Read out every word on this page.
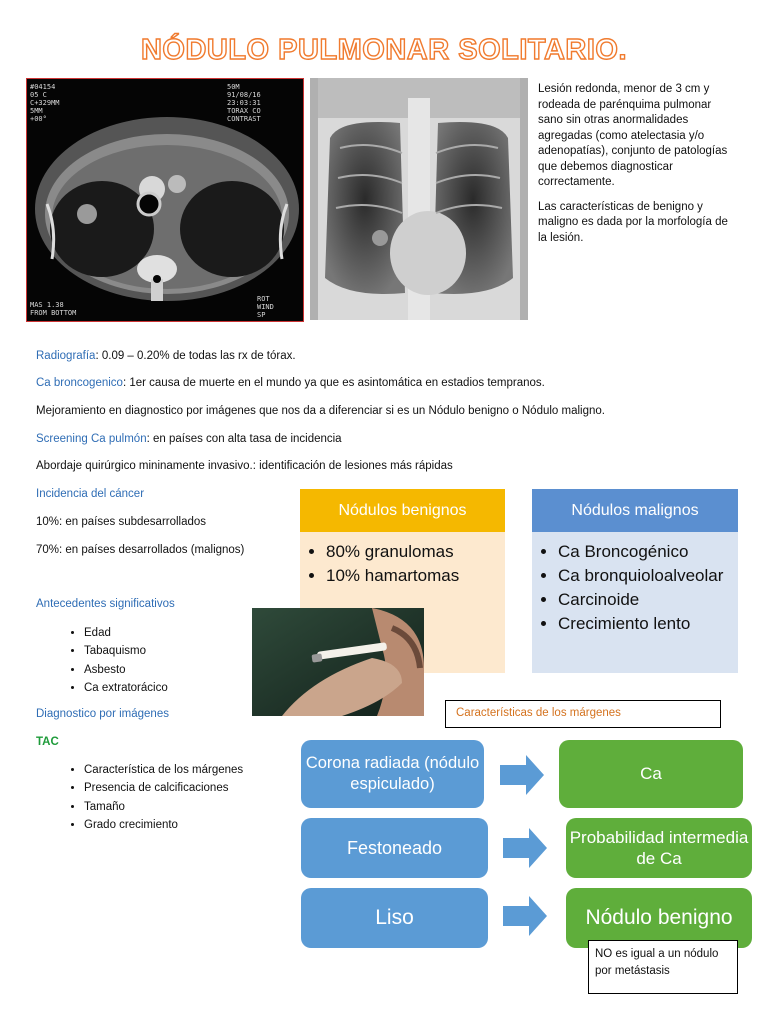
NÓDULO PULMONAR SOLITARIO.
#04154
05 C
C+329MM
5MM
+00°
50M
91/08/16
23:03:31
TORAX CO
CONTRAST
MAS 1.38
FROM BOTTOM
ROT
WIND
SP

Lesión redonda, menor de 3 cm y rodeada de parénquima pulmonar sano sin otras anormalidades agregadas (como atelectasia y/o adenopatías), conjunto de patologías que debemos diagnosticar correctamente.

Las características de benigno y maligno es dada por la morfología de la lesión.

Radiografía: 0.09 – 0.20% de todas las rx de tórax.
Ca broncogenico: 1er causa de muerte en el mundo ya que es asintomática en estadios tempranos.
Mejoramiento en diagnostico por imágenes que nos da a diferenciar si es un Nódulo benigno o Nódulo maligno.
Screening Ca pulmón: en países con alta tasa de incidencia
Abordaje quirúrgico mininamente invasivo.: identificación de lesiones más rápidas
Incidencia del cáncer
10%: en países subdesarrollados
70%: en países desarrollados (malignos)
Antecedentes significativos
• Edad
• Tabaquismo
• Asbesto
• Ca extratorácico
Diagnostico por imágenes
TAC
• Característica de los márgenes
• Presencia de calcificaciones
• Tamaño
• Grado crecimiento
Nódulos benignos
• 80% granulomas
• 10% hamartomas
Nódulos malignos
• Ca Broncogénico
• Ca bronquioloalveolar
• Carcinoide
• Crecimiento lento
Características de los márgenes
Corona radiada (nódulo espiculado)
Ca
Festoneado	Probabilidad intermedia de Ca
Liso	Nódulo benigno
NO es igual a un nódulo por metástasis
